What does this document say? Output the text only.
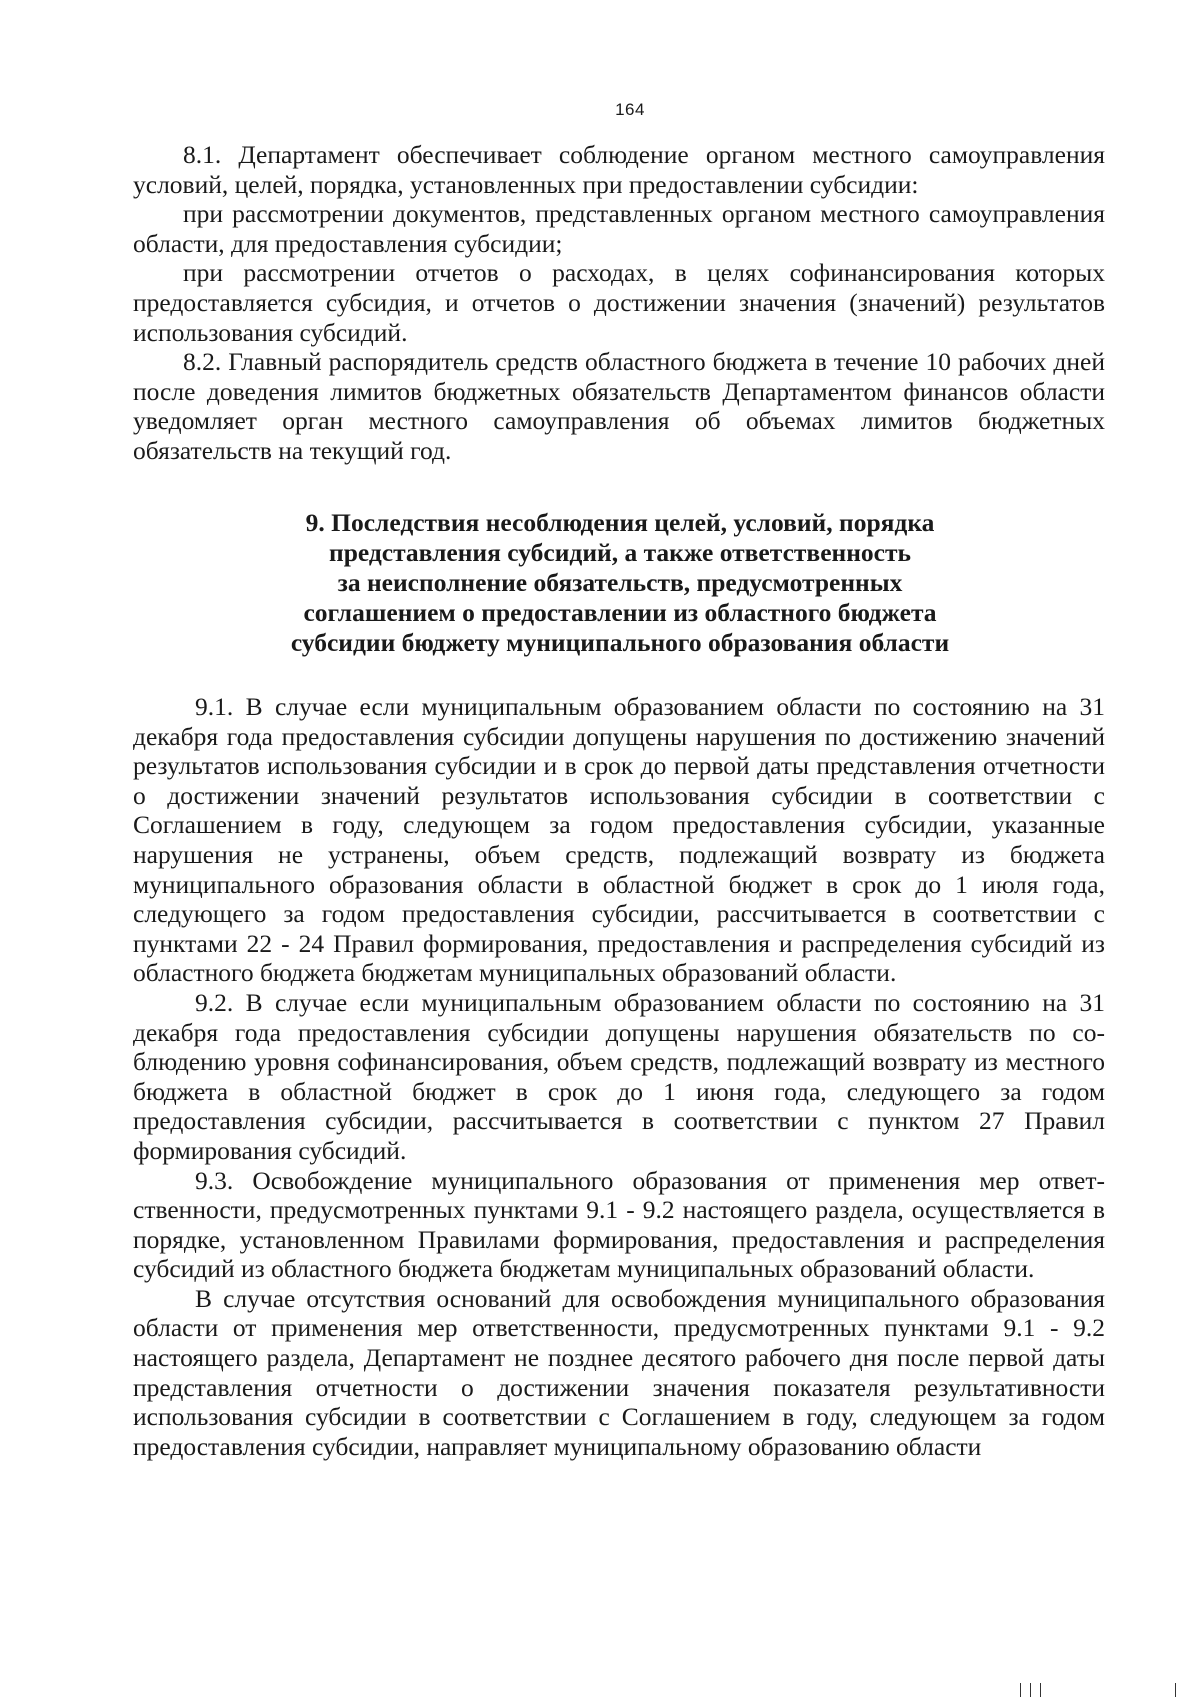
164

8.1. Департамент обеспечивает соблюдение органом местного самоуправления условий, целей, порядка, установленных при предоставлении субсидии:

при рассмотрении документов, представленных органом местного самоуправления области, для предоставления субсидии;

при рассмотрении отчетов о расходах, в целях софинансирования которых предоставляется субсидия, и отчетов о достижении значения (значений) результатов использования субсидий.

8.2. Главный распорядитель средств областного бюджета в течение 10 рабочих дней после доведения лимитов бюджетных обязательств Департаментом финансов области уведомляет орган местного самоуправления об объемах лимитов бюджетных обязательств на текущий год.

9. Последствия несоблюдения целей, условий, порядка
представления субсидий, а также ответственность
за неисполнение обязательств, предусмотренных
соглашением о предоставлении из областного бюджета
субсидии бюджету муниципального образования области

9.1. В случае если муниципальным образованием области по состоянию на 31 декабря года предоставления субсидии допущены нарушения по достижению значений результатов использования субсидии и в срок до первой даты представления отчетности о достижении значений результатов использования субсидии в соответствии с Соглашением в году, следующем за годом предоставления субсидии, указанные нарушения не устранены, объем средств, подлежащий возврату из бюджета муниципального образования области в областной бюджет в срок до 1 июля года, следующего за годом предоставления субсидии, рассчитывается в соответствии с пунктами 22 - 24 Правил формирования, предоставления и распределения субсидий из областного бюджета бюджетам муниципальных образований области.

9.2. В случае если муниципальным образованием области по состоянию на 31 декабря года предоставления субсидии допущены нарушения обязательств по соблюдению уровня софинансирования, объем средств, подлежащий возврату из местного бюджета в областной бюджет в срок до 1 июня года, следующего за годом предоставления субсидии, рассчитывается в соответствии с пунктом 27 Правил формирования субсидий.

9.3. Освобождение муниципального образования от применения мер ответственности, предусмотренных пунктами 9.1 - 9.2 настоящего раздела, осуществляется в порядке, установленном Правилами формирования, предоставления и распределения субсидий из областного бюджета бюджетам муниципальных образований области.

В случае отсутствия оснований для освобождения муниципального образования области от применения мер ответственности, предусмотренных пунктами 9.1 - 9.2 настоящего раздела, Департамент не позднее десятого рабочего дня после первой даты представления отчетности о достижении значения показателя результативности использования субсидии в соответствии с Соглашением в году, следующем за годом предоставления субсидии, направляет муниципальному образованию области
